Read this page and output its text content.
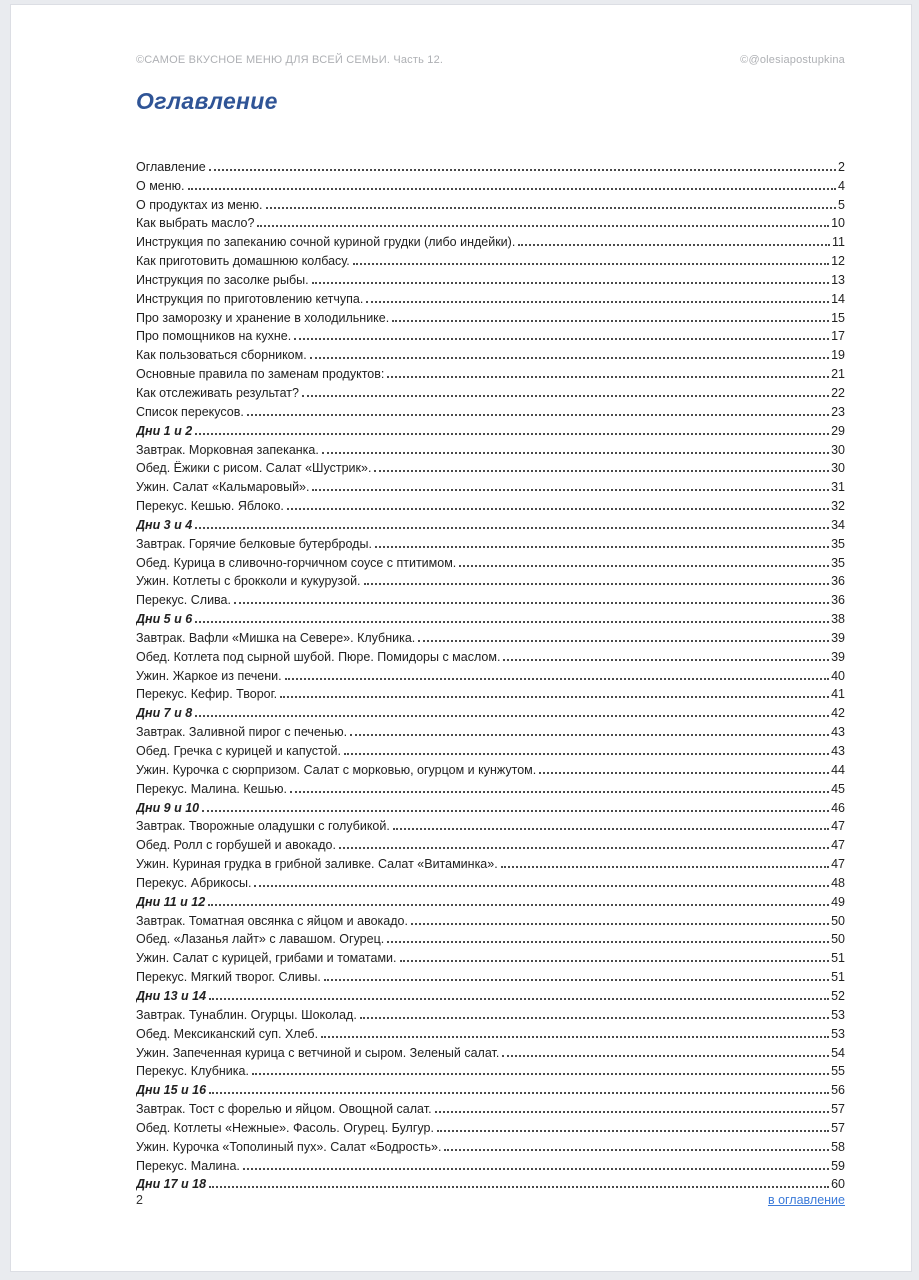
©САМОЕ ВКУСНОЕ МЕНЮ ДЛЯ ВСЕЙ СЕМЬИ. Часть 12.	©@olesiapostupkina
Оглавление
Оглавление	2
О меню.	4
О продуктах из меню.	5
Как выбрать масло?	10
Инструкция по запеканию сочной куриной грудки (либо индейки).	11
Как приготовить домашнюю колбасу.	12
Инструкция по засолке рыбы.	13
Инструкция по приготовлению кетчупа.	14
Про заморозку и хранение в холодильнике.	15
Про помощников на кухне.	17
Как пользоваться сборником.	19
Основные правила по заменам продуктов:	21
Как отслеживать результат?	22
Список перекусов.	23
Дни 1 и 2	29
Завтрак. Морковная запеканка.	30
Обед. Ёжики с рисом. Салат «Шустрик».	30
Ужин. Салат «Кальмаровый».	31
Перекус. Кешью. Яблоко.	32
Дни 3 и 4	34
Завтрак. Горячие белковые бутерброды.	35
Обед. Курица в сливочно-горчичном соусе с птитимом.	35
Ужин. Котлеты с брокколи и кукурузой.	36
Перекус. Слива.	36
Дни 5 и 6	38
Завтрак. Вафли «Мишка на Севере». Клубника.	39
Обед. Котлета под сырной шубой. Пюре. Помидоры с маслом.	39
Ужин. Жаркое из печени.	40
Перекус. Кефир. Творог.	41
Дни 7 и 8	42
Завтрак. Заливной пирог с печенью.	43
Обед. Гречка с курицей и капустой.	43
Ужин. Курочка с сюрпризом. Салат с морковью, огурцом и кунжутом.	44
Перекус. Малина. Кешью.	45
Дни 9 и 10	46
Завтрак. Творожные оладушки с голубикой.	47
Обед. Ролл с горбушей и авокадо.	47
Ужин. Куриная грудка в грибной заливке. Салат «Витаминка».	47
Перекус. Абрикосы.	48
Дни 11 и 12	49
Завтрак. Томатная овсянка с яйцом и авокадо.	50
Обед. «Лазанья лайт» с лавашом. Огурец.	50
Ужин. Салат с курицей, грибами и томатами.	51
Перекус. Мягкий творог. Сливы.	51
Дни 13 и 14	52
Завтрак. Тунаблин. Огурцы. Шоколад.	53
Обед. Мексиканский суп. Хлеб.	53
Ужин. Запеченная курица с ветчиной и сыром. Зеленый салат.	54
Перекус. Клубника.	55
Дни 15 и 16	56
Завтрак. Тост с форелью и яйцом. Овощной салат.	57
Обед. Котлеты «Нежные». Фасоль. Огурец. Булгур.	57
Ужин. Курочка «Тополиный пух». Салат «Бодрость».	58
Перекус. Малина.	59
Дни 17 и 18	60
2	в оглавление
